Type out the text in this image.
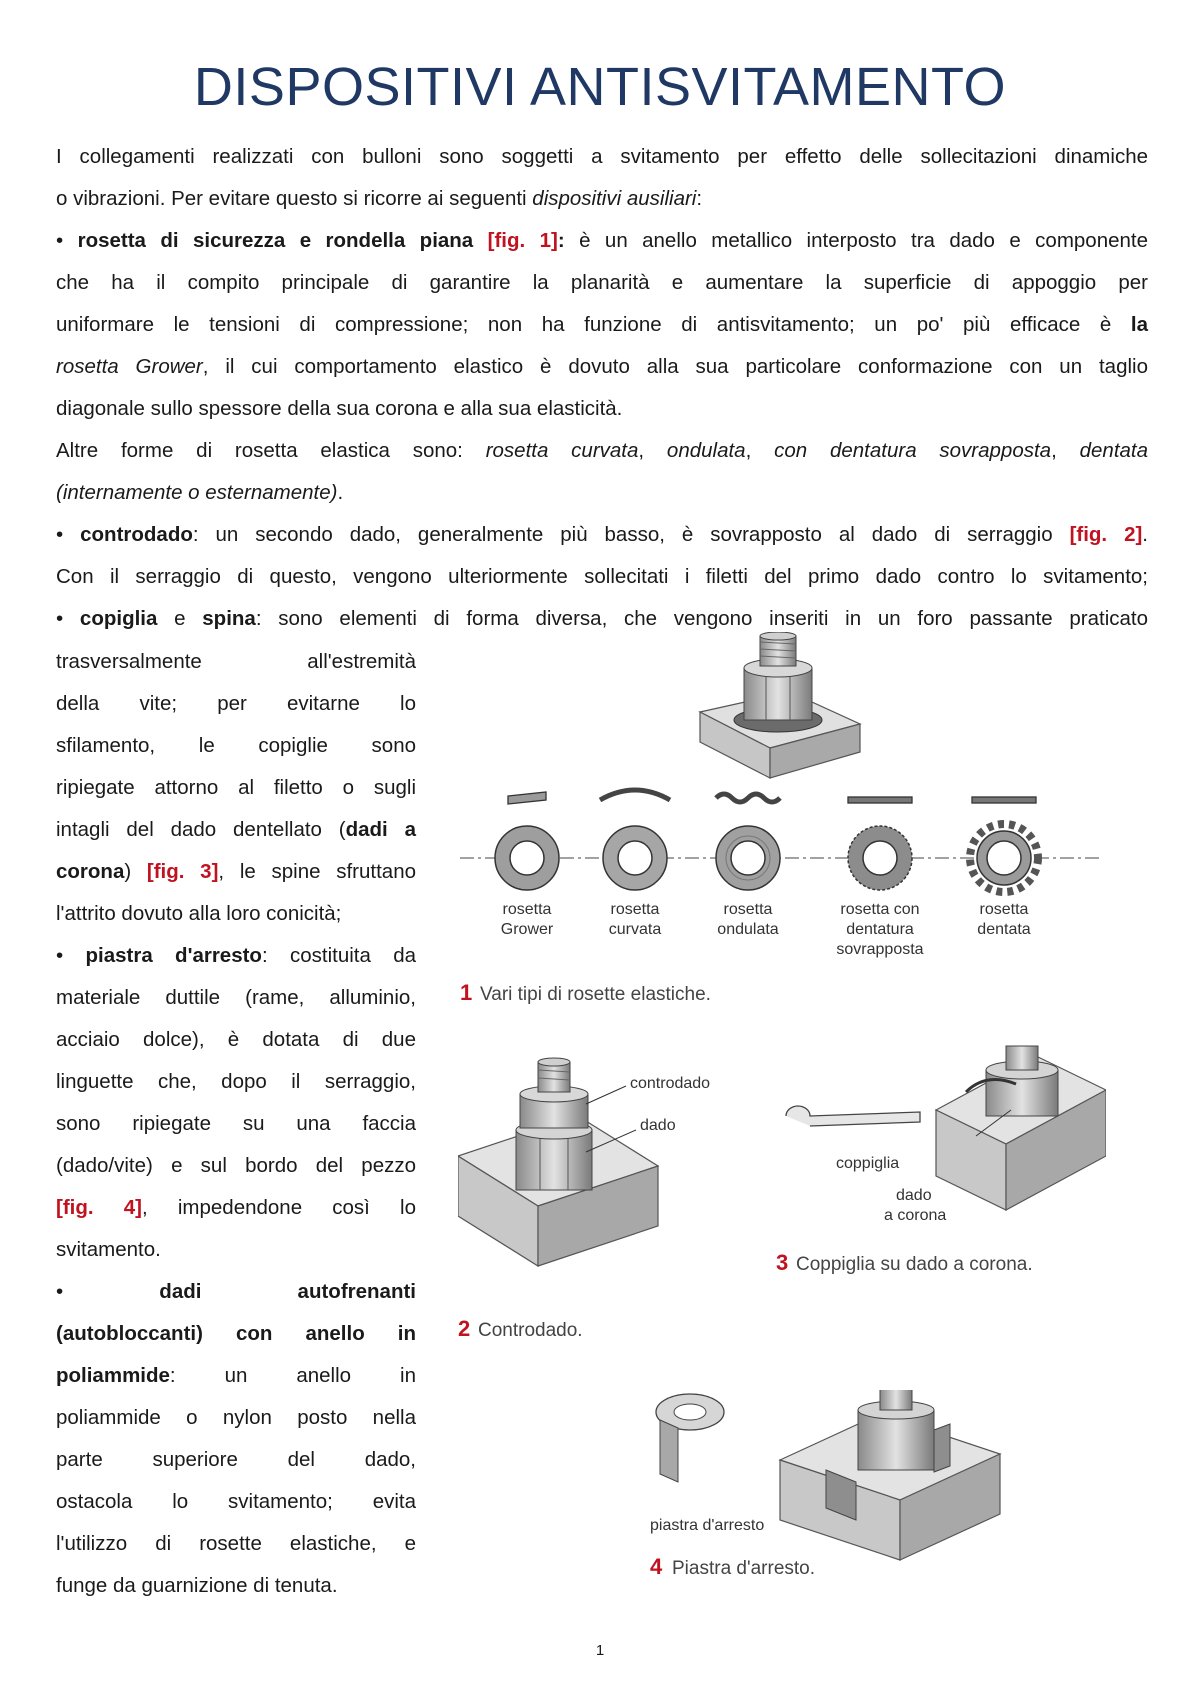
DISPOSITIVI ANTISVITAMENTO
I collegamenti realizzati con bulloni sono soggetti a svitamento per effetto delle sollecitazioni dinamiche
o vibrazioni. Per evitare questo si ricorre ai seguenti dispositivi ausiliari:
• rosetta di sicurezza e rondella piana [fig. 1]: è un anello metallico interposto tra dado e componente
che ha il compito principale di garantire la planarità e aumentare la superficie di appoggio per
uniformare le tensioni di compressione; non ha funzione di antisvitamento; un po' più efficace è la
rosetta Grower, il cui comportamento elastico è dovuto alla sua particolare conformazione con un taglio
diagonale sullo spessore della sua corona e alla sua elasticità.
Altre forme di rosetta elastica sono: rosetta curvata, ondulata, con dentatura sovrapposta, dentata
(internamente o esternamente).
• controdado: un secondo dado, generalmente più basso, è sovrapposto al dado di serraggio [fig. 2].
Con il serraggio di questo, vengono ulteriormente sollecitati i filetti del primo dado contro lo svitamento;
• copiglia e spina: sono elementi di forma diversa, che vengono inseriti in un foro passante praticato
trasversalmente all'estremità
della vite; per evitarne lo
sfilamento, le copiglie sono
ripiegate attorno al filetto o sugli
intagli del dado dentellato (dadi a
corona) [fig. 3], le spine sfruttano
l'attrito dovuto alla loro conicità;
• piastra d'arresto: costituita da
materiale duttile (rame, alluminio,
acciaio dolce), è dotata di due
linguette che, dopo il serraggio,
sono ripiegate su una faccia
(dado/vite) e sul bordo del pezzo
[fig. 4], impedendone così lo
svitamento.
• dadi autofrenanti
(autobloccanti) con anello in
poliammide: un anello in
poliammide o nylon posto nella
parte superiore del dado,
ostacola lo svitamento; evita
l'utilizzo di rosette elastiche, e
funge da guarnizione di tenuta.
rosetta
Grower
rosetta
curvata
rosetta
ondulata
rosetta con
dentatura
sovrapposta
rosetta
dentata
1 Vari tipi di rosette elastiche.
controdado
dado
2 Controdado.
coppiglia
dado
a corona
3 Coppiglia su dado a corona.
piastra d'arresto
4 Piastra d'arresto.
1
